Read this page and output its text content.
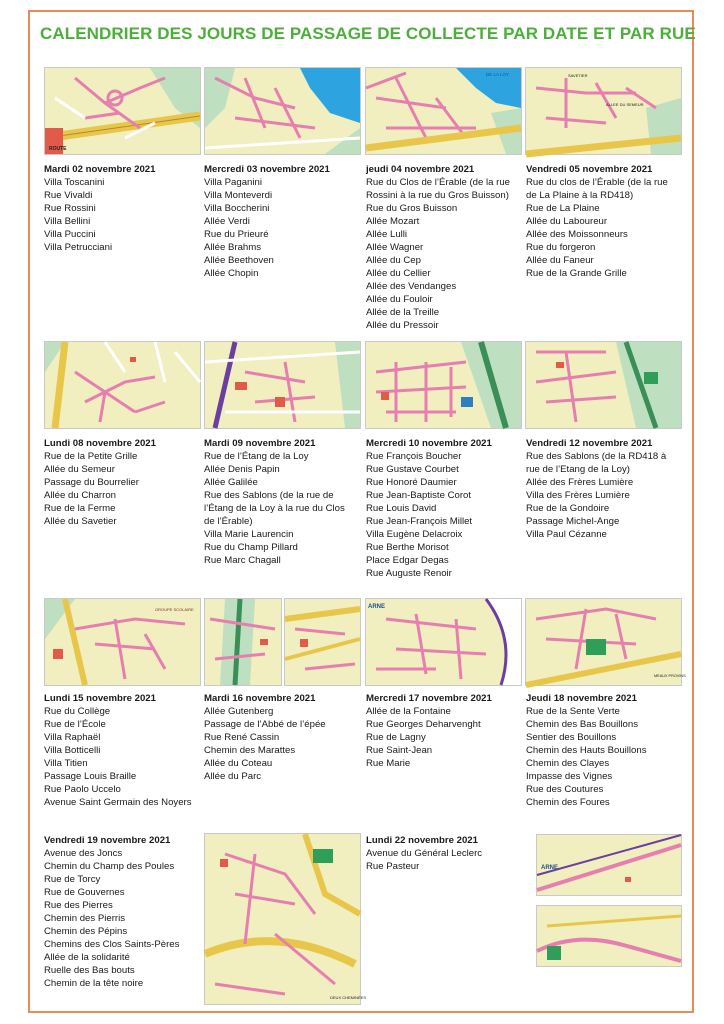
CALENDRIER DES JOURS DE PASSAGE DE COLLECTE PAR DATE ET PAR RUE
ROUTE
DE LA LOY	SAVETIER
ALLEE DU SEMEUR
Mardi 02 novembre 2021
Villa Toscanini
Rue Vivaldi
Rue Rossini
Villa Bellini
Villa Puccini
Villa Petrucciani
Mercredi 03 novembre 2021
Villa Paganini
Villa Monteverdi
Villa Boccherini
Allée Verdi
Rue du Prieuré
Allée Brahms
Allée Beethoven
Allée Chopin
jeudi 04 novembre 2021
Rue du Clos de l’Érable (de la rue
Rossini à la rue du Gros Buisson)
Rue du Gros Buisson
Allée Mozart
Allée Lulli
Allée Wagner
Allée du Cep
Allée du Cellier
Allée des Vendanges
Allée du Fouloir
Allée de la Treille
Allée du Pressoir
Vendredi 05 novembre 2021
Rue du clos de l’Érable (de la rue
de La Plaine à la RD418)
Rue de La Plaine
Allée du Laboureur
Allée des Moissonneurs
Rue du forgeron
Allée du Faneur
Rue de la Grande Grille
Lundi 08 novembre 2021
Rue de la Petite Grille
Allée du Semeur
Passage du Bourrelier
Allée du Charron
Rue de la Ferme
Allée du Savetier
Mardi 09 novembre 2021
Rue de l’Étang de la Loy
Allée Denis Papin
Allée Galilée
Rue des Sablons (de la rue de
l’Étang de la Loy à la rue du Clos
de l’Érable)
Villa Marie Laurencin
Rue du Champ Pillard
Rue Marc Chagall
Mercredi 10 novembre 2021
Rue François Boucher
Rue Gustave Courbet
Rue Honoré Daumier
Rue Jean-Baptiste Corot
Rue Louis David
Rue Jean-François Millet
Villa Eugène Delacroix
Rue Berthe Morisot
Place Edgar Degas
Rue Auguste Renoir
Vendredi 12 novembre 2021
Rue des Sablons (de la RD418 à
rue de l’Etang de la Loy)
Allée des Frères Lumière
Villa des Frères Lumière
Rue de la Gondoire
Passage Michel-Ange
Villa Paul Cézanne
GROUPE SCOLAIRE	ARNE
MEAUX PROVINS
Lundi 15 novembre 2021
Rue du Collège
Rue de l’École
Villa Raphaël
Villa Botticelli
Villa Titien
Passage Louis Braille
Rue Paolo Uccelo
Avenue Saint Germain des Noyers
Mardi 16 novembre 2021
Allée Gutenberg
Passage de l’Abbé de l’épée
Rue René Cassin
Chemin des Marattes
Allée du Coteau
Allée du Parc
Mercredi 17 novembre 2021
Allée de la Fontaine
Rue Georges Deharvenght
Rue de Lagny
Rue Saint-Jean
Rue Marie
Jeudi 18 novembre 2021
Rue de la Sente Verte
Chemin des Bas Bouillons
Sentier des Bouillons
Chemin des Hauts Bouillons
Chemin des Clayes
Impasse des Vignes
Rue des Coutures
Chemin des Foures
Vendredi 19 novembre 2021
Avenue des Joncs
Chemin du Champ des Poules
Rue de Torcy
Rue de Gouvernes
Rue des Pierres
Chemin des Pierris
Chemin des Pépins
Chemins des Clos Saints-Pères
Allée de la solidarité
Ruelle des Bas bouts
Chemin de la tête noire
DEUX CHEMINÉES
Lundi 22 novembre 2021
Avenue du Général Leclerc
Rue Pasteur	ARNE
